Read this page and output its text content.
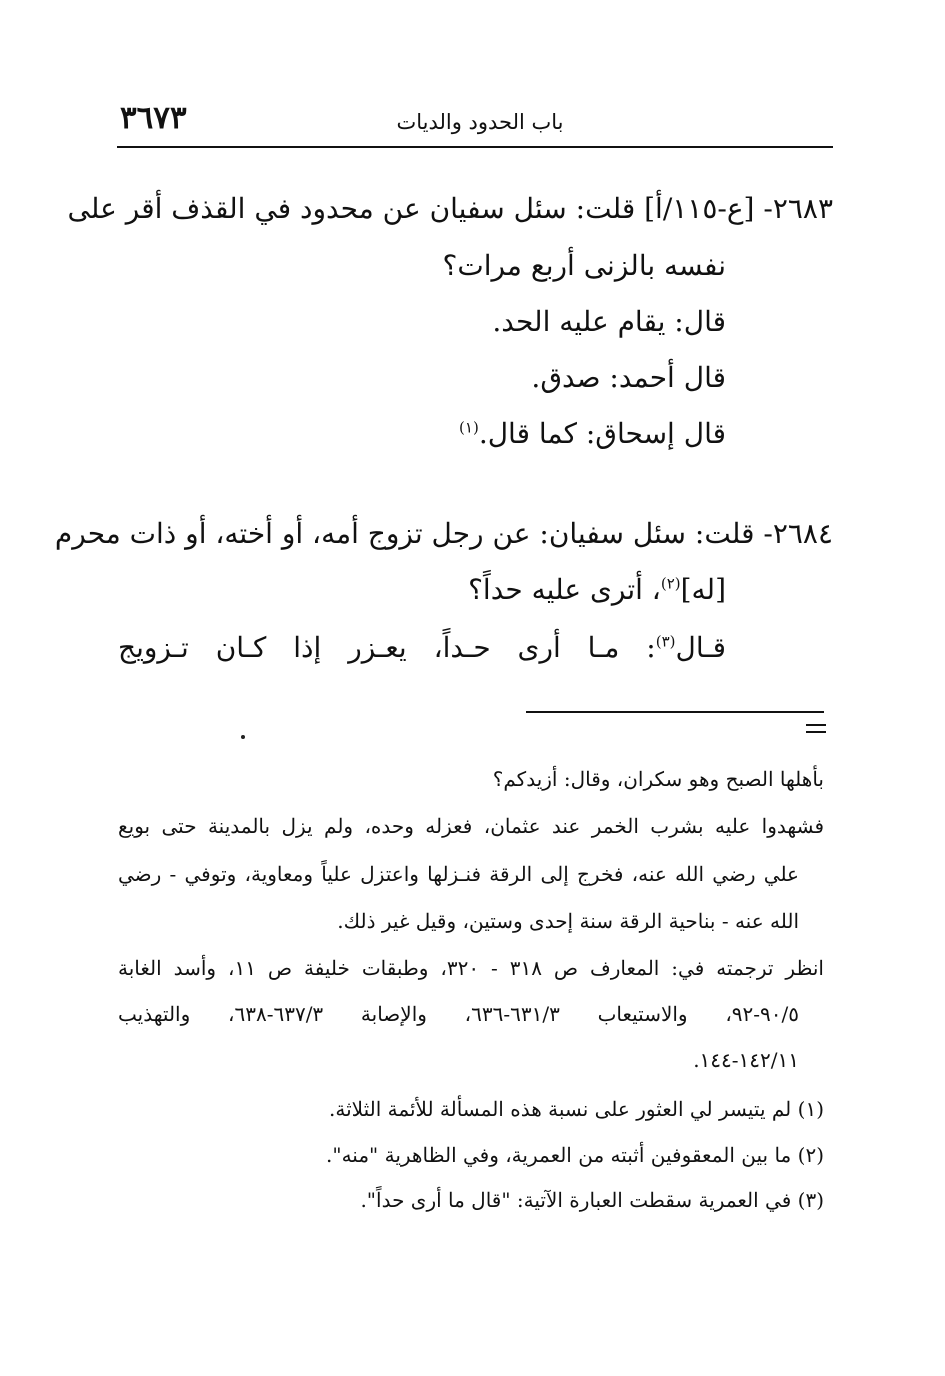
٣٦٧٣	باب الحدود والديات
٢٦٨٣- [ع-١١٥/أ] قلت: سئل سفيان عن محدود في القذف أقر على
نفسه بالزنى أربع مرات؟
قال: يقام عليه الحد.
قال أحمد: صدق.
قال إسحاق: كما قال.$^{(١)}$
٢٦٨٤- قلت: سئل سفيان: عن رجل تزوج أمه، أو أخته، أو ذات محرم
[له]$^{(٢)}$، أترى عليه حداً؟
قـال$^{(٣)}$: مـا أرى حـداً، يعـزر إذا كـان تـزويج
بأهلها الصبح وهو سكران، وقال: أزيدكم؟
فشهدوا عليه بشرب الخمر عند عثمان، فعزله وحده، ولم يزل بالمدينة حتى بويع
علي رضي الله عنه، فخرج إلى الرقة فنـزلها واعتزل علياً ومعاوية، وتوفي - رضي
الله عنه - بناحية الرقة سنة إحدى وستين، وقيل غير ذلك.
انظر ترجمته في: المعارف ص ٣١٨ - ٣٢٠، وطبقات خليفة ص ١١، وأسد الغابة
٩٠/٥-٩٢، والاستيعاب ٦٣١/٣-٦٣٦، والإصابة ٦٣٧/٣-٦٣٨، والتهذيب
١٤٢/١١-١٤٤.
(١) لم يتيسر لي العثور على نسبة هذه المسألة للأئمة الثلاثة.
(٢) ما بين المعقوفين أثبته من العمرية، وفي الظاهرية "منه".
(٣) في العمرية سقطت العبارة الآتية: "قال ما أرى حداً".
